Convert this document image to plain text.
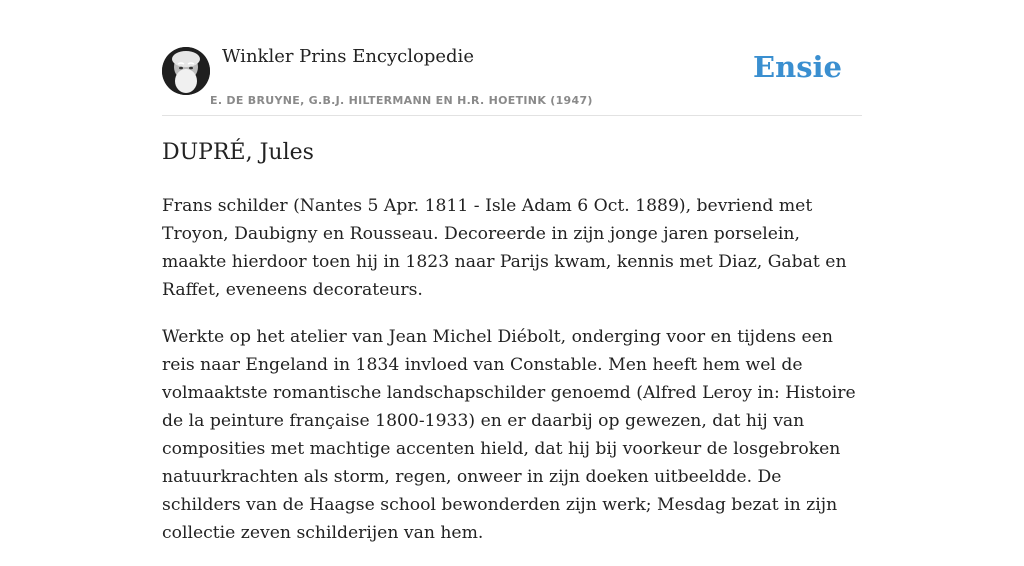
Winkler Prins Encyclopedie
E. DE BRUYNE, G.B.J. HILTERMANN EN H.R. HOETINK (1947)
Ensie
DUPRÉ, Jules

Frans schilder (Nantes 5 Apr. 1811 - Isle Adam 6 Oct. 1889), bevriend met Troyon, Daubigny en Rousseau. Decoreerde in zijn jonge jaren porselein, maakte hierdoor toen hij in 1823 naar Parijs kwam, kennis met Diaz, Gabat en Raffet, eveneens decorateurs.

Werkte op het atelier van Jean Michel Diébolt, onderging voor en tijdens een reis naar Engeland in 1834 invloed van Constable. Men heeft hem wel de volmaaktste romantische landschapschilder genoemd (Alfred Leroy in: Histoire de la peinture française 1800-1933) en er daarbij op gewezen, dat hij van composities met machtige accenten hield, dat hij bij voorkeur de losgebroken natuurkrachten als storm, regen, onweer in zijn doeken uitbeeldde. De schilders van de Haagse school bewonderden zijn werk; Mesdag bezat in zijn collectie zeven schilderijen van hem.
